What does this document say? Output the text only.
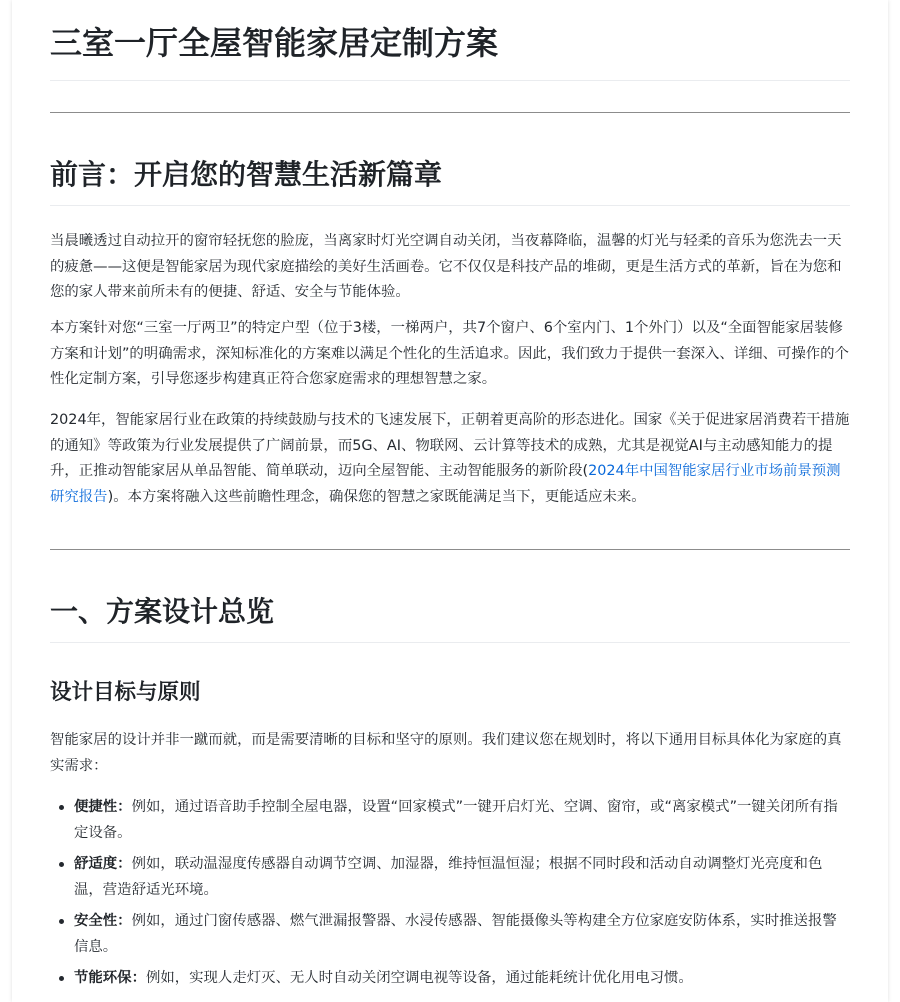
三室一厅全屋智能家居定制方案
前言：开启您的智慧生活新篇章

当晨曦透过自动拉开的窗帘轻抚您的脸庞，当离家时灯光空调自动关闭，当夜幕降临，温馨的灯光与轻柔的音乐为您洗去一天的疲惫——这便是智能家居为现代家庭描绘的美好生活画卷。它不仅仅是科技产品的堆砌，更是生活方式的革新，旨在为您和您的家人带来前所未有的便捷、舒适、安全与节能体验。

本方案针对您“三室一厅两卫”的特定户型（位于3楼，一梯两户，共7个窗户、6个室内门、1个外门）以及“全面智能家居装修方案和计划”的明确需求，深知标准化的方案难以满足个性化的生活追求。因此，我们致力于提供一套深入、详细、可操作的个性化定制方案，引导您逐步构建真正符合您家庭需求的理想智慧之家。

2024年，智能家居行业在政策的持续鼓励与技术的飞速发展下，正朝着更高阶的形态进化。国家《关于促进家居消费若干措施的通知》等政策为行业发展提供了广阔前景，而5G、AI、物联网、云计算等技术的成熟，尤其是视觉AI与主动感知能力的提升，正推动智能家居从单品智能、简单联动，迈向全屋智能、主动智能服务的新阶段(2024年中国智能家居行业市场前景预测研究报告)。本方案将融入这些前瞻性理念，确保您的智慧之家既能满足当下，更能适应未来。

一、方案设计总览
设计目标与原则

智能家居的设计并非一蹴而就，而是需要清晰的目标和坚守的原则。我们建议您在规划时，将以下通用目标具体化为家庭的真实需求：

便捷性：例如，通过语音助手控制全屋电器，设置“回家模式”一键开启灯光、空调、窗帘，或“离家模式”一键关闭所有指定设备。
舒适度：例如，联动温湿度传感器自动调节空调、加湿器，维持恒温恒湿；根据不同时段和活动自动调整灯光亮度和色温，营造舒适光环境。
安全性：例如，通过门窗传感器、燃气泄漏报警器、水浸传感器、智能摄像头等构建全方位家庭安防体系，实时推送报警信息。
节能环保：例如，实现人走灯灭、无人时自动关闭空调电视等设备，通过能耗统计优化用电习惯。
